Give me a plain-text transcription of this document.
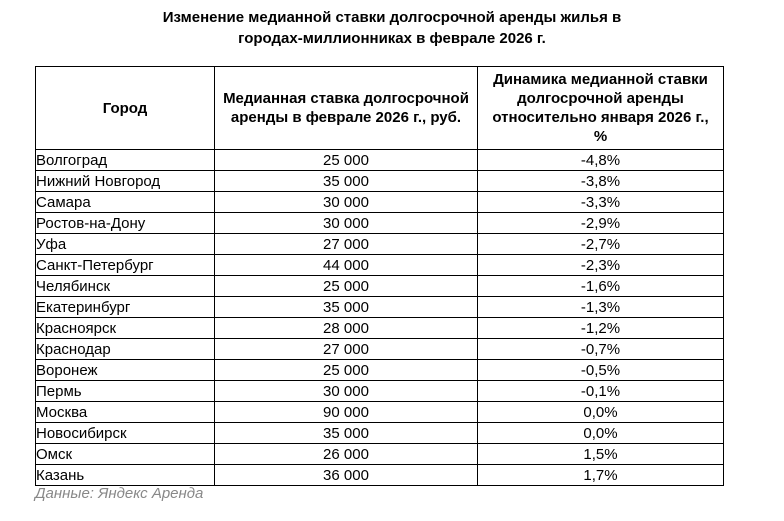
Изменение медианной ставки долгосрочной аренды жилья в
городах-миллионниках в феврале 2026 г.
Город	Медианная ставка долгосрочной аренды в феврале 2026 г., руб.	Динамика медианной ставки долгосрочной аренды относительно января 2026 г., %
Волгоград	25 000	-4,8%
Нижний Новгород	35 000	-3,8%
Самара	30 000	-3,3%
Ростов-на-Дону	30 000	-2,9%
Уфа	27 000	-2,7%
Санкт-Петербург	44 000	-2,3%
Челябинск	25 000	-1,6%
Екатеринбург	35 000	-1,3%
Красноярск	28 000	-1,2%
Краснодар	27 000	-0,7%
Воронеж	25 000	-0,5%
Пермь	30 000	-0,1%
Москва	90 000	0,0%
Новосибирск	35 000	0,0%
Омск	26 000	1,5%
Казань	36 000	1,7%
Данные: Яндекс Аренда
